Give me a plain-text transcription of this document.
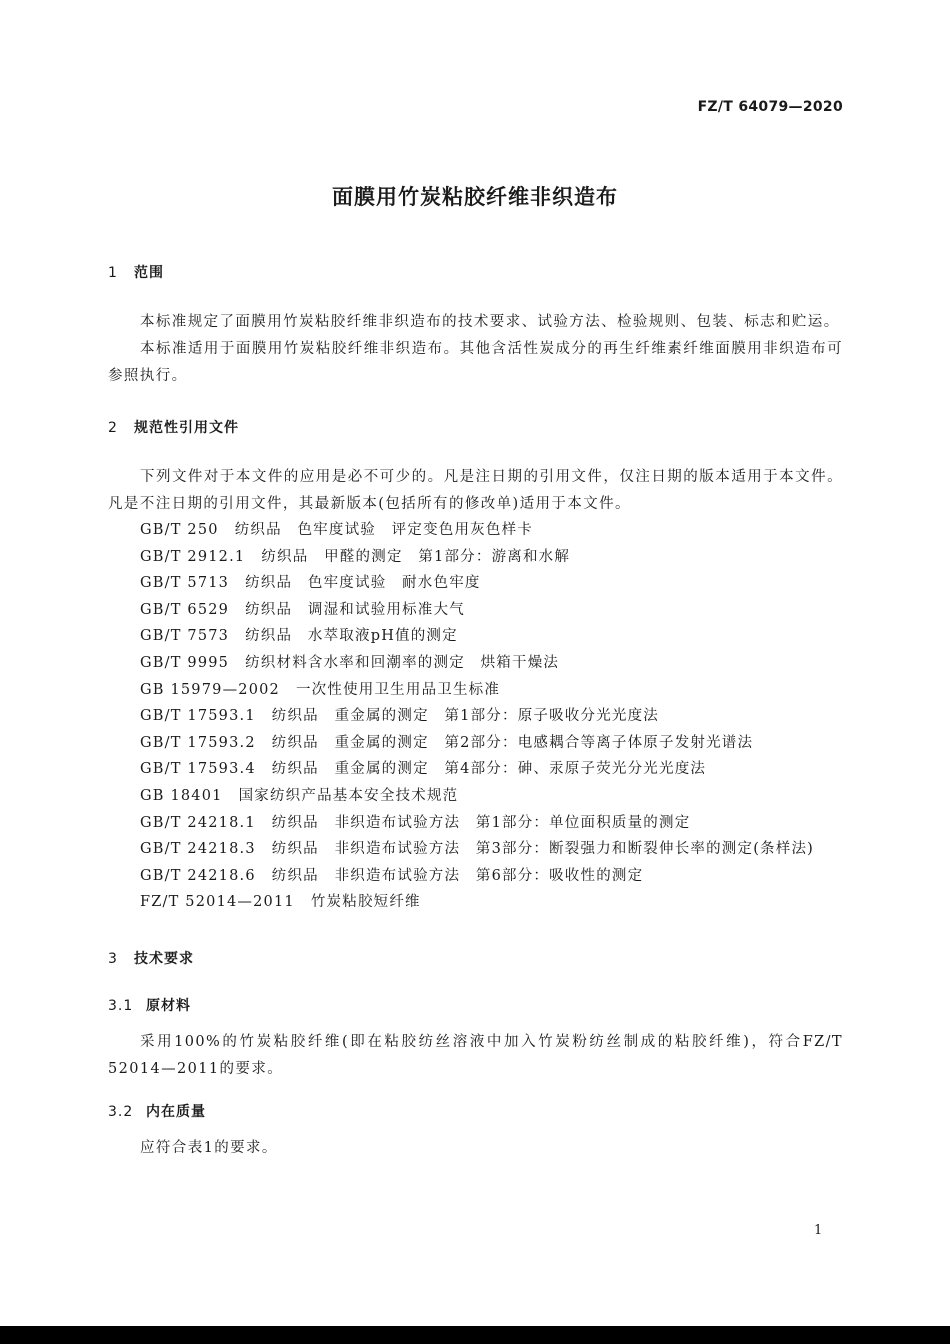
FZ/T 64079—2020
面膜用竹炭粘胶纤维非织造布
1 范围
本标准规定了面膜用竹炭粘胶纤维非织造布的技术要求、试验方法、检验规则、包装、标志和贮运。
本标准适用于面膜用竹炭粘胶纤维非织造布。其他含活性炭成分的再生纤维素纤维面膜用非织造布可参照执行。
2 规范性引用文件
下列文件对于本文件的应用是必不可少的。凡是注日期的引用文件，仅注日期的版本适用于本文件。凡是不注日期的引用文件，其最新版本(包括所有的修改单)适用于本文件。
GB/T 250 纺织品　色牢度试验　评定变色用灰色样卡
GB/T 2912.1 纺织品　甲醛的测定　第1部分：游离和水解
GB/T 5713 纺织品　色牢度试验　耐水色牢度
GB/T 6529 纺织品　调湿和试验用标准大气
GB/T 7573 纺织品　水萃取液pH值的测定
GB/T 9995 纺织材料含水率和回潮率的测定　烘箱干燥法
GB 15979—2002 一次性使用卫生用品卫生标准
GB/T 17593.1 纺织品　重金属的测定　第1部分：原子吸收分光光度法
GB/T 17593.2 纺织品　重金属的测定　第2部分：电感耦合等离子体原子发射光谱法
GB/T 17593.4 纺织品　重金属的测定　第4部分：砷、汞原子荧光分光光度法
GB 18401 国家纺织产品基本安全技术规范
GB/T 24218.1 纺织品　非织造布试验方法　第1部分：单位面积质量的测定
GB/T 24218.3 纺织品　非织造布试验方法　第3部分：断裂强力和断裂伸长率的测定(条样法)
GB/T 24218.6 纺织品　非织造布试验方法　第6部分：吸收性的测定
FZ/T 52014—2011 竹炭粘胶短纤维
3 技术要求
3.1 原材料
采用100%的竹炭粘胶纤维(即在粘胶纺丝溶液中加入竹炭粉纺丝制成的粘胶纤维)，符合FZ/T 52014—2011的要求。
3.2 内在质量
应符合表1的要求。
1
